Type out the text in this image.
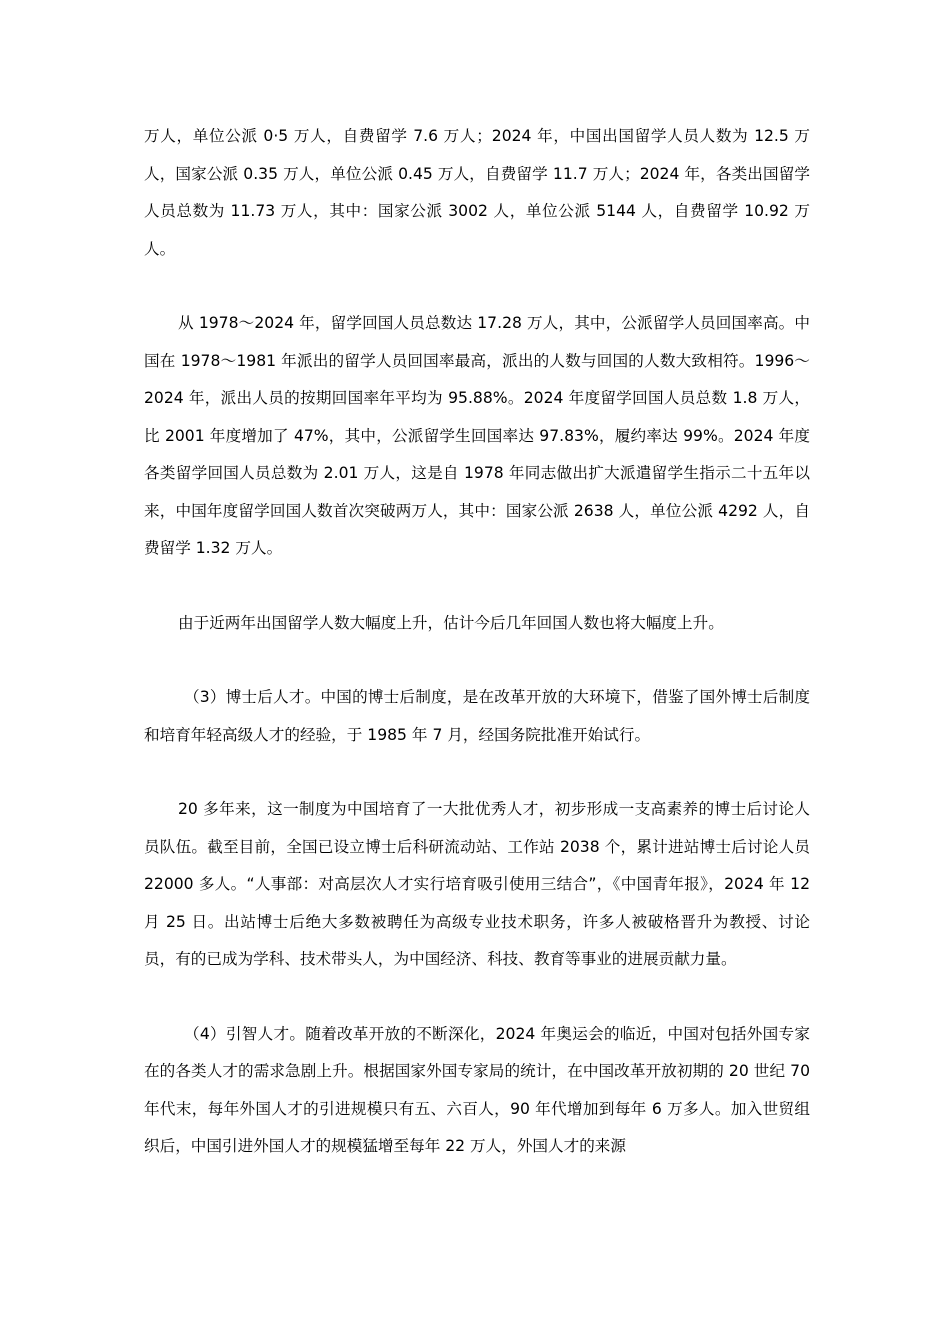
万人，单位公派 0·5 万人，自费留学 7.6 万人；2024 年，中国出国留学人员人数为 12.5 万人，国家公派 0.35 万人，单位公派 0.45 万人，自费留学 11.7 万人；2024 年，各类出国留学人员总数为 11.73 万人，其中：国家公派 3002 人，单位公派 5144 人，自费留学 10.92 万人。

从 1978～2024 年，留学回国人员总数达 17.28 万人，其中，公派留学人员回国率高。中国在 1978～1981 年派出的留学人员回国率最高，派出的人数与回国的人数大致相符。1996～2024 年，派出人员的按期回国率年平均为 95.88%。2024 年度留学回国人员总数 1.8 万人，比 2001 年度增加了 47%，其中，公派留学生回国率达 97.83%，履约率达 99%。2024 年度各类留学回国人员总数为 2.01 万人，这是自 1978 年同志做出扩大派遣留学生指示二十五年以来，中国年度留学回国人数首次突破两万人，其中：国家公派 2638 人，单位公派 4292 人，自费留学 1.32 万人。

由于近两年出国留学人数大幅度上升，估计今后几年回国人数也将大幅度上升。

（3）博士后人才。中国的博士后制度，是在改革开放的大环境下，借鉴了国外博士后制度和培育年轻高级人才的经验，于 1985 年 7 月，经国务院批准开始试行。

20 多年来，这一制度为中国培育了一大批优秀人才，初步形成一支高素养的博士后讨论人员队伍。截至目前，全国已设立博士后科研流动站、工作站 2038 个，累计进站博士后讨论人员 22000 多人。“人事部：对高层次人才实行培育吸引使用三结合”，《中国青年报》，2024 年 12 月 25 日。出站博士后绝大多数被聘任为高级专业技术职务，许多人被破格晋升为教授、讨论员，有的已成为学科、技术带头人，为中国经济、科技、教育等事业的进展贡献力量。

（4）引智人才。随着改革开放的不断深化，2024 年奥运会的临近，中国对包括外国专家在的各类人才的需求急剧上升。根据国家外国专家局的统计，在中国改革开放初期的 20 世纪 70 年代末，每年外国人才的引进规模只有五、六百人，90 年代增加到每年 6 万多人。加入世贸组织后，中国引进外国人才的规模猛增至每年 22 万人，外国人才的来源
